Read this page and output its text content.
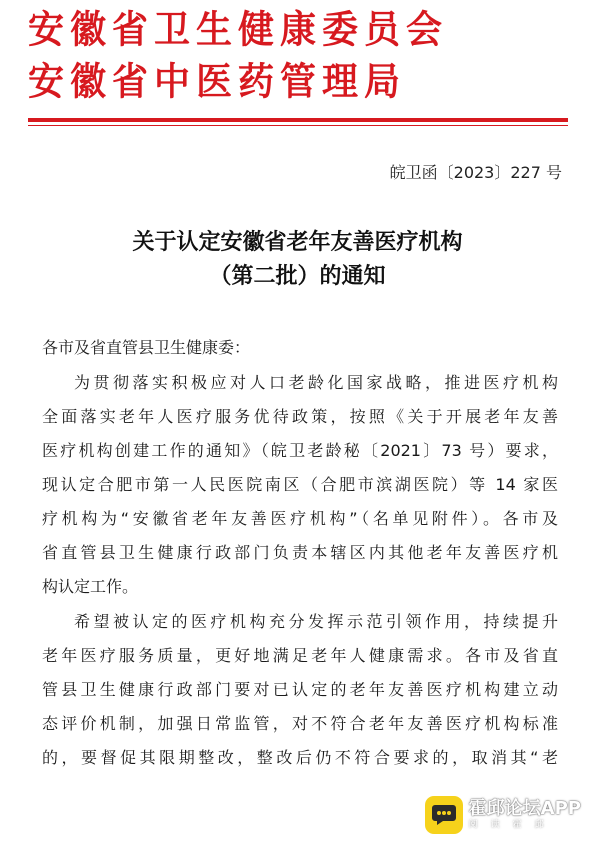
安徽省卫生健康委员会
安徽省中医药管理局
皖卫函〔2023〕227 号
关于认定安徽省老年友善医疗机构
（第二批）的通知
各市及省直管县卫生健康委：
为贯彻落实积极应对人口老龄化国家战略，推进医疗机构
全面落实老年人医疗服务优待政策，按照《关于开展老年友善
医疗机构创建工作的通知》（皖卫老龄秘〔2021〕73 号）要求，
现认定合肥市第一人民医院南区（合肥市滨湖医院）等 14 家医
疗机构为“安徽省老年友善医疗机构”（名单见附件）。各市及
省直管县卫生健康行政部门负责本辖区内其他老年友善医疗机
构认定工作。
希望被认定的医疗机构充分发挥示范引领作用，持续提升
老年医疗服务质量，更好地满足老年人健康需求。各市及省直
管县卫生健康行政部门要对已认定的老年友善医疗机构建立动
态评价机制，加强日常监管，对不符合老年友善医疗机构标准
的，要督促其限期整改，整改后仍不符合要求的，取消其“老
霍邱论坛APP
阅读霍邱
